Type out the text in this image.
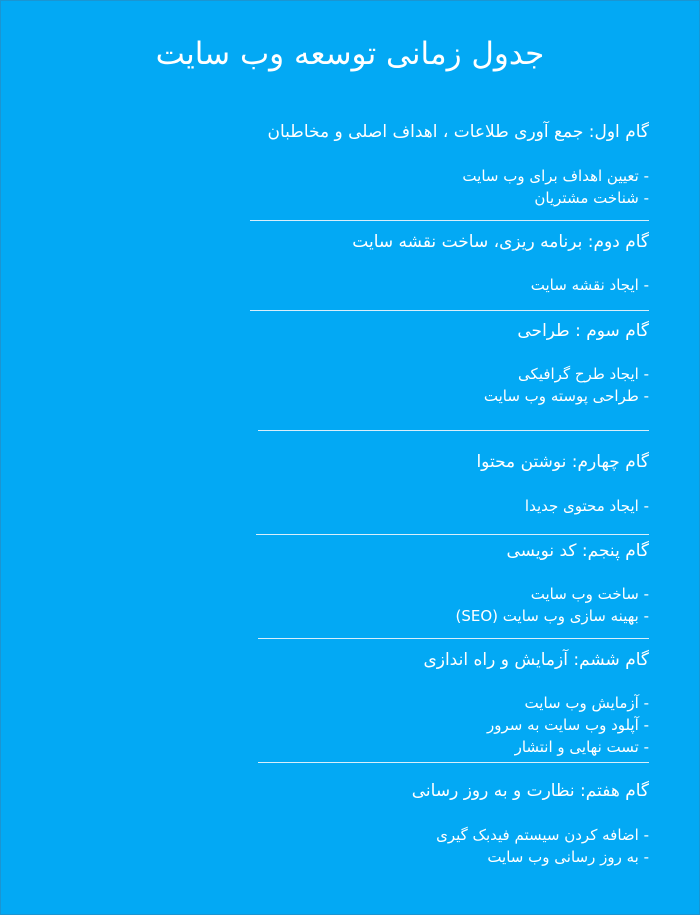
جدول زمانی توسعه وب سایت
گام اول: جمع آوری طلاعات ، اهداف اصلی و مخاطبان
- تعیین اهداف برای وب سایت
- شناخت مشتریان
گام دوم: برنامه ریزی، ساخت نقشه سایت
- ایجاد نقشه سایت
گام سوم : طراحی
- ایجاد طرح گرافیکی
- طراحی پوسته وب سایت
گام چهارم: نوشتن محتوا
- ایجاد محتوی جدیدا
گام پنجم: کد نویسی
- ساخت وب سایت
- بهینه سازی وب سایت (SEO)
گام ششم: آزمایش و راه اندازی
- آزمایش وب سایت
- آپلود وب سایت به سرور
- تست نهایی و انتشار
گام هفتم: نظارت و به روز رسانی
- اضافه کردن سیستم فیدبک گیری
- به روز رسانی وب سایت
